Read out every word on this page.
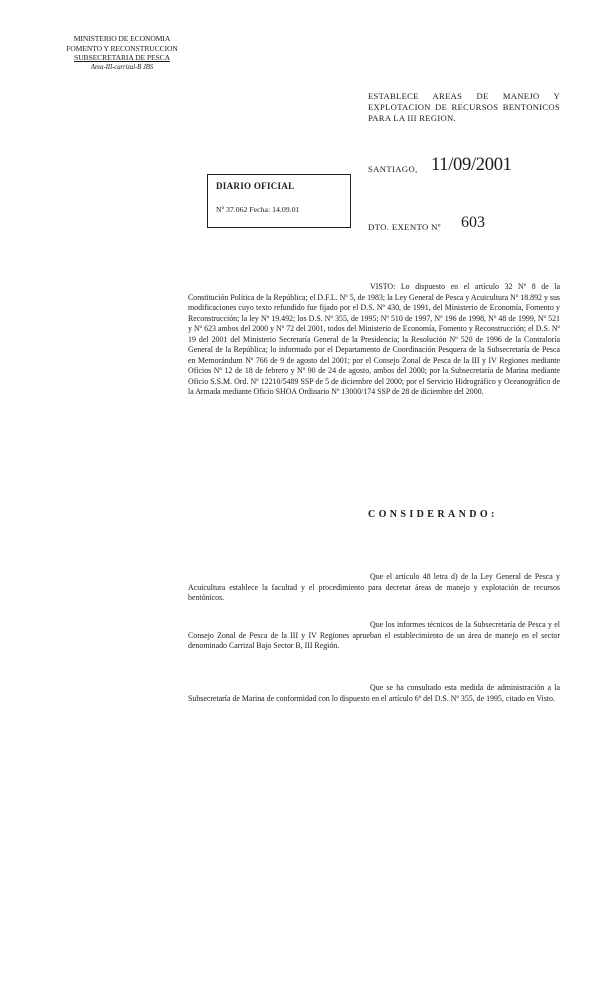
MINISTERIO DE ECONOMIA
FOMENTO Y RECONSTRUCCION
SUBSECRETARIA DE PESCA
Area-III-carrizal-B JBS
ESTABLECE AREAS DE MANEJO Y EXPLOTACION DE RECURSOS BENTONICOS PARA LA III REGION.
SANTIAGO, 11/09/2001
DIARIO OFICIAL
Nº 37.062 Fecha: 14.09.01
DTO. EXENTO Nº 603
VISTO: Lo dispuesto en el artículo 32 Nº 8 de la Constitución Política de la República; el D.F.L. Nº 5, de 1983; la Ley General de Pesca y Acuicultura Nº 18.892 y sus modificaciones cuyo texto refundido fue fijado por el D.S. Nº 430, de 1991, del Ministerio de Economía, Fomento y Reconstrucción; la ley Nº 19.492; los D.S. Nº 355, de 1995; Nº 510 de 1997, Nº 196 de 1998, Nº 48 de 1999, Nº 521 y Nº 623 ambos del 2000 y Nº 72 del 2001, todos del Ministerio de Economía, Fomento y Reconstrucción; el D.S. Nº 19 del 2001 del Ministerio Secretaría General de la Presidencia; la Resolución Nº 520 de 1996 de la Contraloría General de la República; lo informado por el Departamento de Coordinación Pesquera de la Subsecretaría de Pesca en Memorándum Nº 766 de 9 de agosto del 2001; por el Consejo Zonal de Pesca de la III y IV Regiones mediante Oficios Nº 12 de 18 de febrero y Nº 90 de 24 de agosto, ambos del 2000; por la Subsecretaría de Marina mediante Oficio S.S.M. Ord. Nº 12210/5489 SSP de 5 de diciembre del 2000; por el Servicio Hidrográfico y Oceanográfico de la Armada mediante Oficio SHOA Ordinario Nº 13000/174 SSP de 28 de diciembre del 2000.
CONSIDERANDO:
Que el artículo 48 letra d) de la Ley General de Pesca y Acuicultura establece la facultad y el procedimiento para decretar áreas de manejo y explotación de recursos bentónicos.
Que los informes técnicos de la Subsecretaría de Pesca y el Consejo Zonal de Pesca de la III y IV Regiones aprueban el establecimiento de un área de manejo en el sector denominado Carrizal Bajo Sector B, III Región.
Que se ha consultado esta medida de administración a la Subsecretaría de Marina de conformidad con lo dispuesto en el artículo 6º del D.S. Nº 355, de 1995, citado en Visto.
